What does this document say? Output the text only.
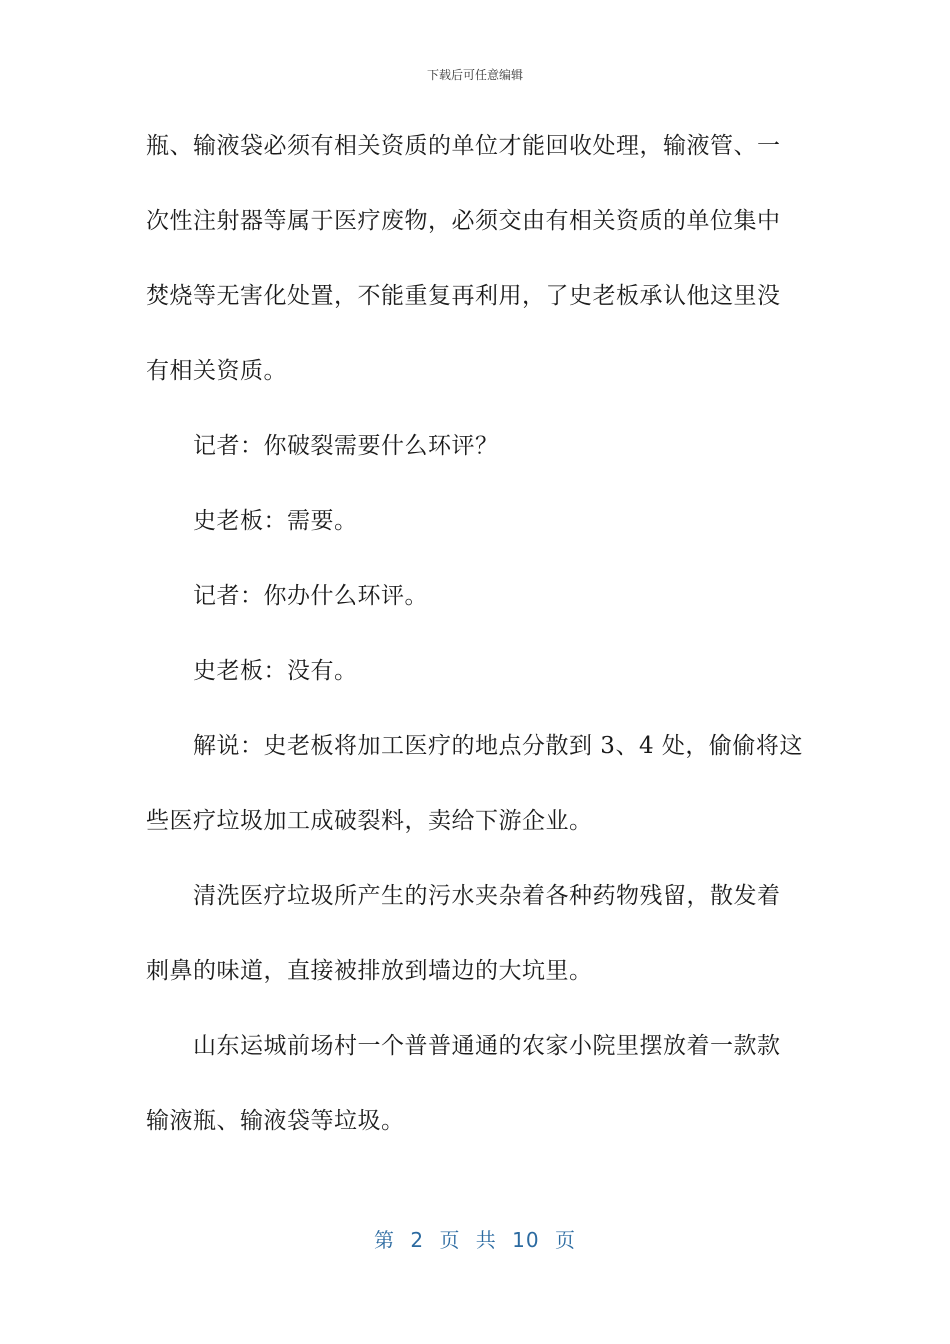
下载后可任意编辑
瓶、输液袋必须有相关资质的单位才能回收处理，输液管、一
次性注射器等属于医疗废物，必须交由有相关资质的单位集中
焚烧等无害化处置，不能重复再利用，了史老板承认他这里没
有相关资质。
记者：你破裂需要什么环评？
史老板：需要。
记者：你办什么环评。
史老板：没有。
解说：史老板将加工医疗的地点分散到 3、4 处，偷偷将这
些医疗垃圾加工成破裂料，卖给下游企业。
清洗医疗垃圾所产生的污水夹杂着各种药物残留，散发着
刺鼻的味道，直接被排放到墙边的大坑里。
山东运城前场村一个普普通通的农家小院里摆放着一款款
输液瓶、输液袋等垃圾。
第 2 页 共 10 页
